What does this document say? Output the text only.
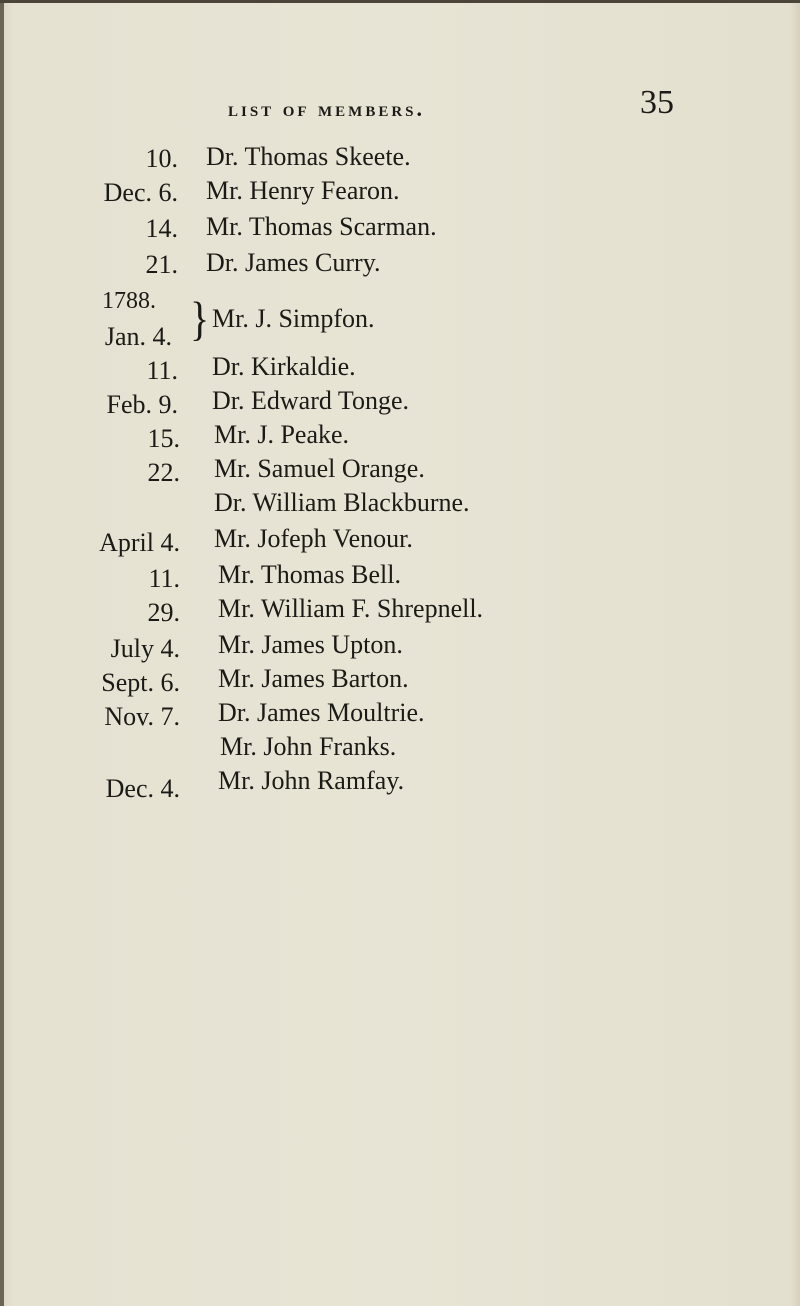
list of members.	35
10. Dr. Thomas Skeete.
Dec. 6. Mr. Henry Fearon.
14. Mr. Thomas Scarman.
21. Dr. James Curry.
1788.
Jan. 4. } Mr. J. Simpfon.
11. Dr. Kirkaldie.
Feb. 9. Dr. Edward Tonge.
15. Mr. J. Peake.
22. Mr. Samuel Orange.
Dr. William Blackburne.
April 4. Mr. Jofeph Venour.
11. Mr. Thomas Bell.
29. Mr. William F. Shrepnell.
July 4. Mr. James Upton.
Sept. 6. Mr. James Barton.
Nov. 7. Dr. James Moultrie.
Mr. John Franks.
Dec. 4. Mr. John Ramfay.
